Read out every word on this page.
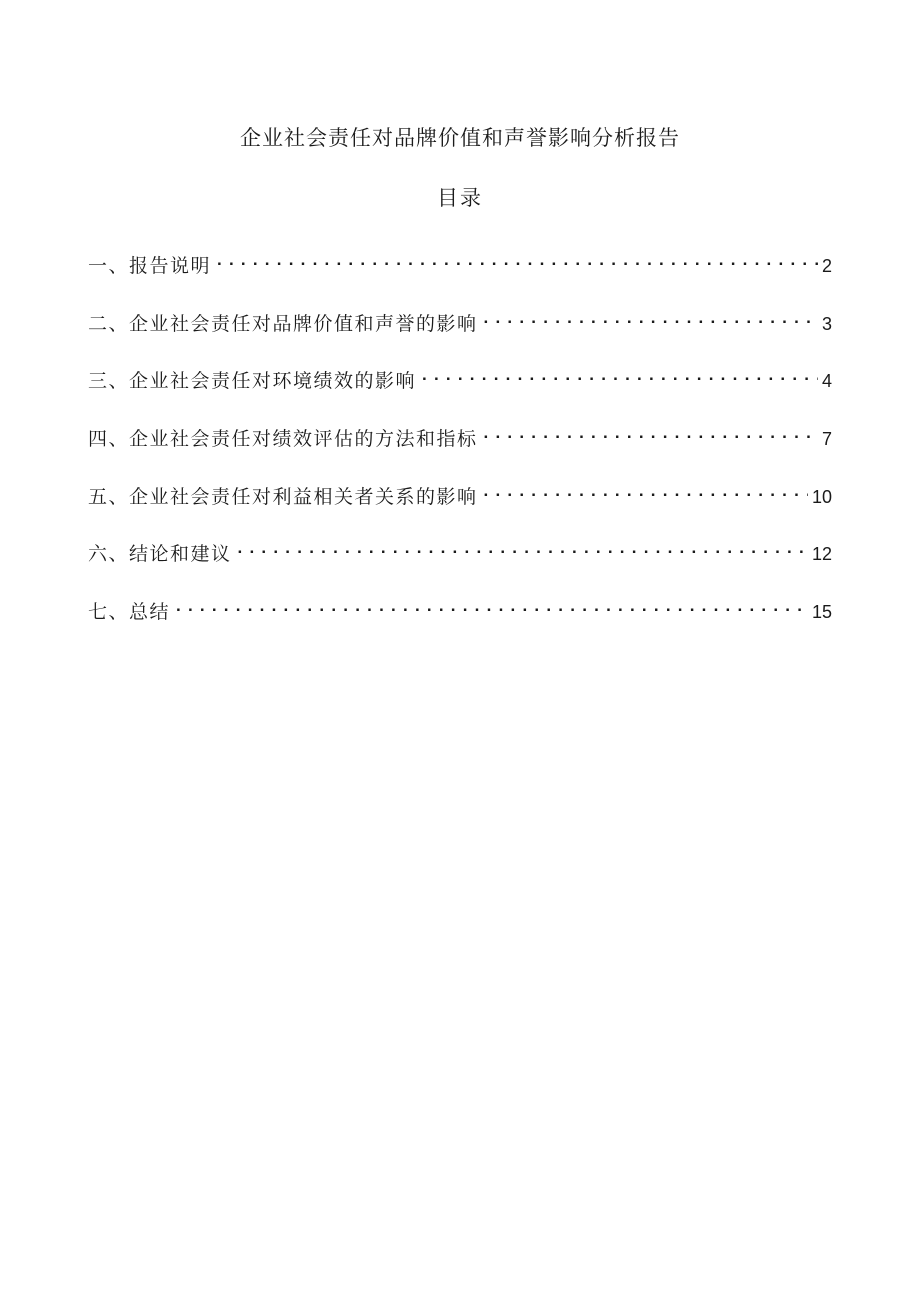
企业社会责任对品牌价值和声誉影响分析报告
目录
一、报告说明 . . .	2
二、企业社会责任对品牌价值和声誉的影响 . . .	3
三、企业社会责任对环境绩效的影响 . . .	4
四、企业社会责任对绩效评估的方法和指标 . . .	7
五、企业社会责任对利益相关者关系的影响 . . .	10
六、结论和建议 . . .	12
七、总结 . . .	15
